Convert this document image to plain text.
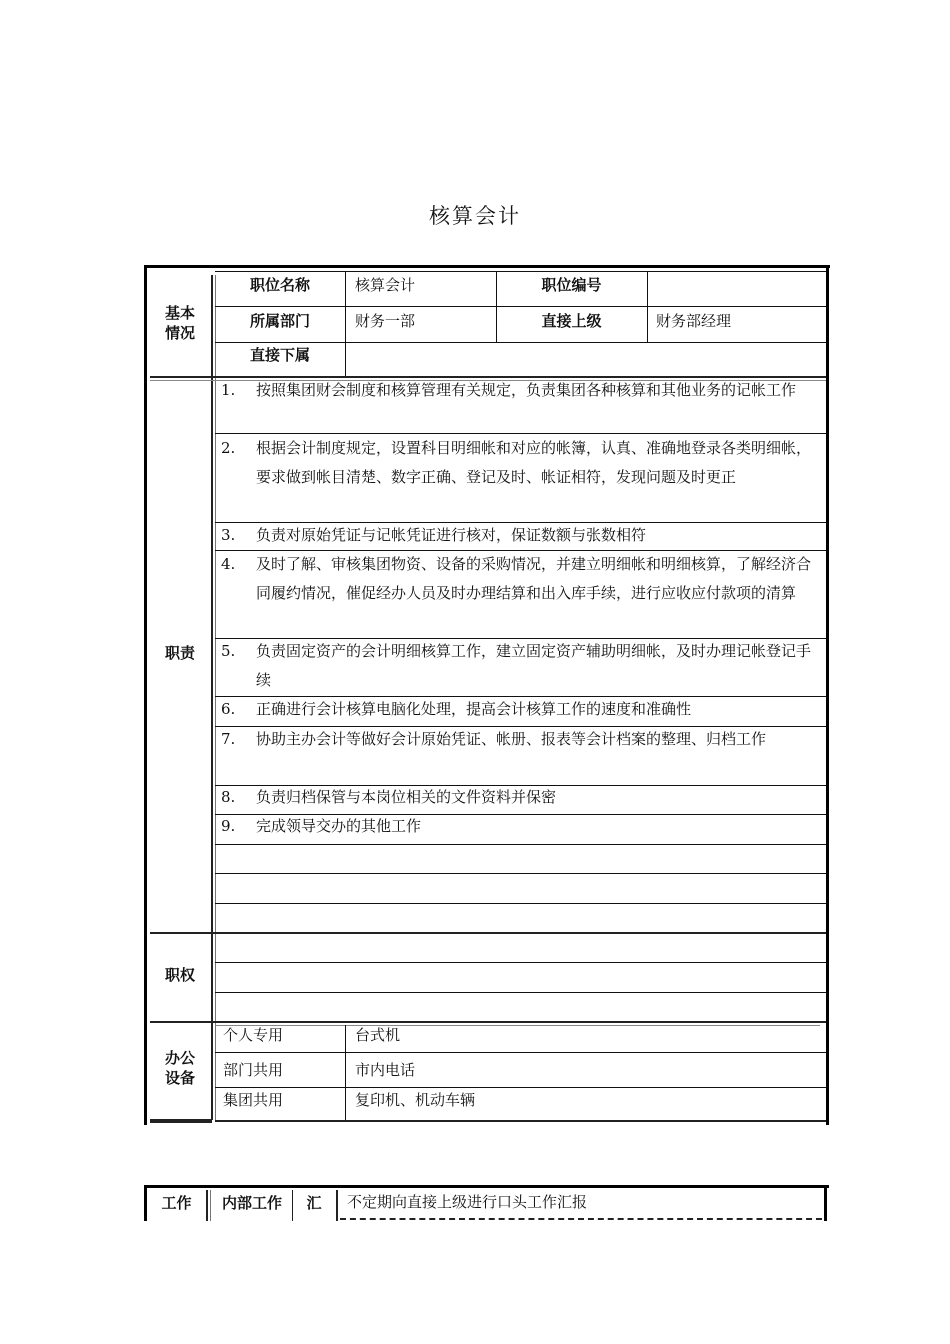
核算会计
基本
情况
职位名称	核算会计	职位编号
所属部门	财务一部	直接上级	财务部经理
直接下属
职责
1.	按照集团财会制度和核算管理有关规定，负责集团各种核算和其他业务的记帐工作
2.	根据会计制度规定，设置科目明细帐和对应的帐簿，认真、准确地登录各类明细帐，要求做到帐目清楚、数字正确、登记及时、帐证相符，发现问题及时更正
3.	负责对原始凭证与记帐凭证进行核对，保证数额与张数相符
4.	及时了解、审核集团物资、设备的采购情况，并建立明细帐和明细核算，了解经济合同履约情况，催促经办人员及时办理结算和出入库手续，进行应收应付款项的清算
5.	负责固定资产的会计明细核算工作，建立固定资产辅助明细帐，及时办理记帐登记手续
6.	正确进行会计核算电脑化处理，提高会计核算工作的速度和准确性
7.	协助主办会计等做好会计原始凭证、帐册、报表等会计档案的整理、归档工作
8.	负责归档保管与本岗位相关的文件资料并保密
9.	完成领导交办的其他工作
职权
办公
设备
个人专用	台式机
部门共用	市内电话
集团共用	复印机、机动车辆
工作	内部工作	汇	不定期向直接上级进行口头工作汇报
